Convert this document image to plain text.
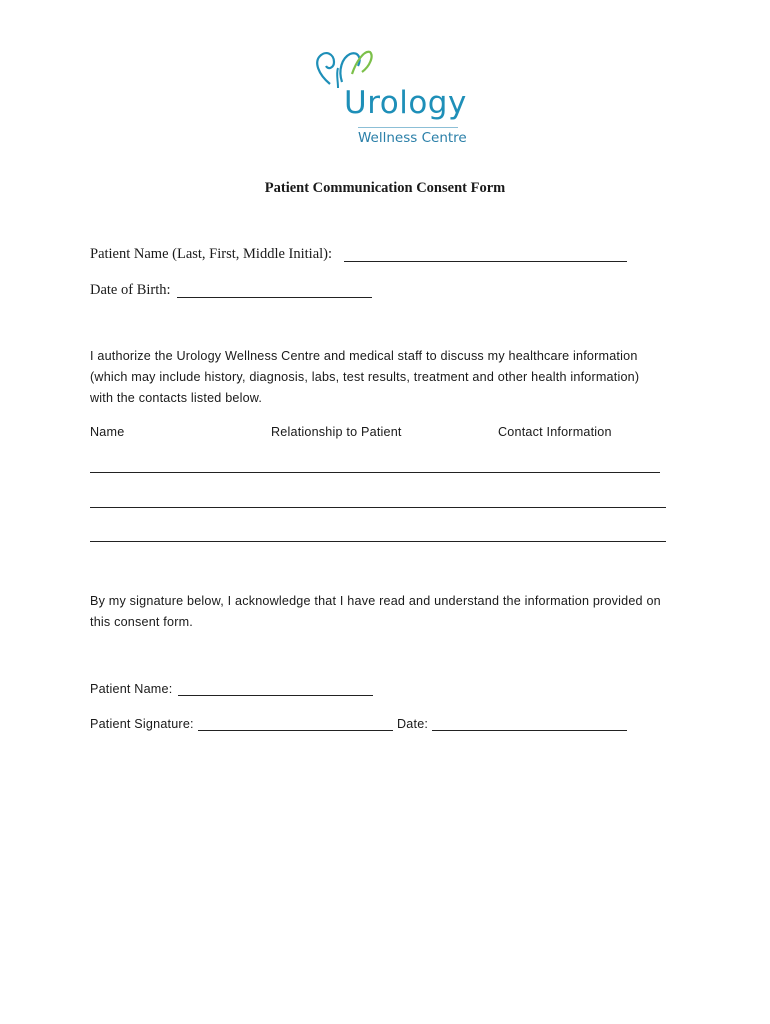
Urology
Wellness Centre
Patient Communication Consent Form
Patient Name (Last, First, Middle Initial):
Date of Birth:
I authorize the Urology Wellness Centre and medical staff to discuss my healthcare information
(which may include history, diagnosis, labs, test results, treatment and other health information)
with the contacts listed below.
Name	Relationship to Patient	Contact Information
By my signature below, I acknowledge that I have read and understand the information provided on
this consent form.
Patient Name:
Patient Signature:	Date:
